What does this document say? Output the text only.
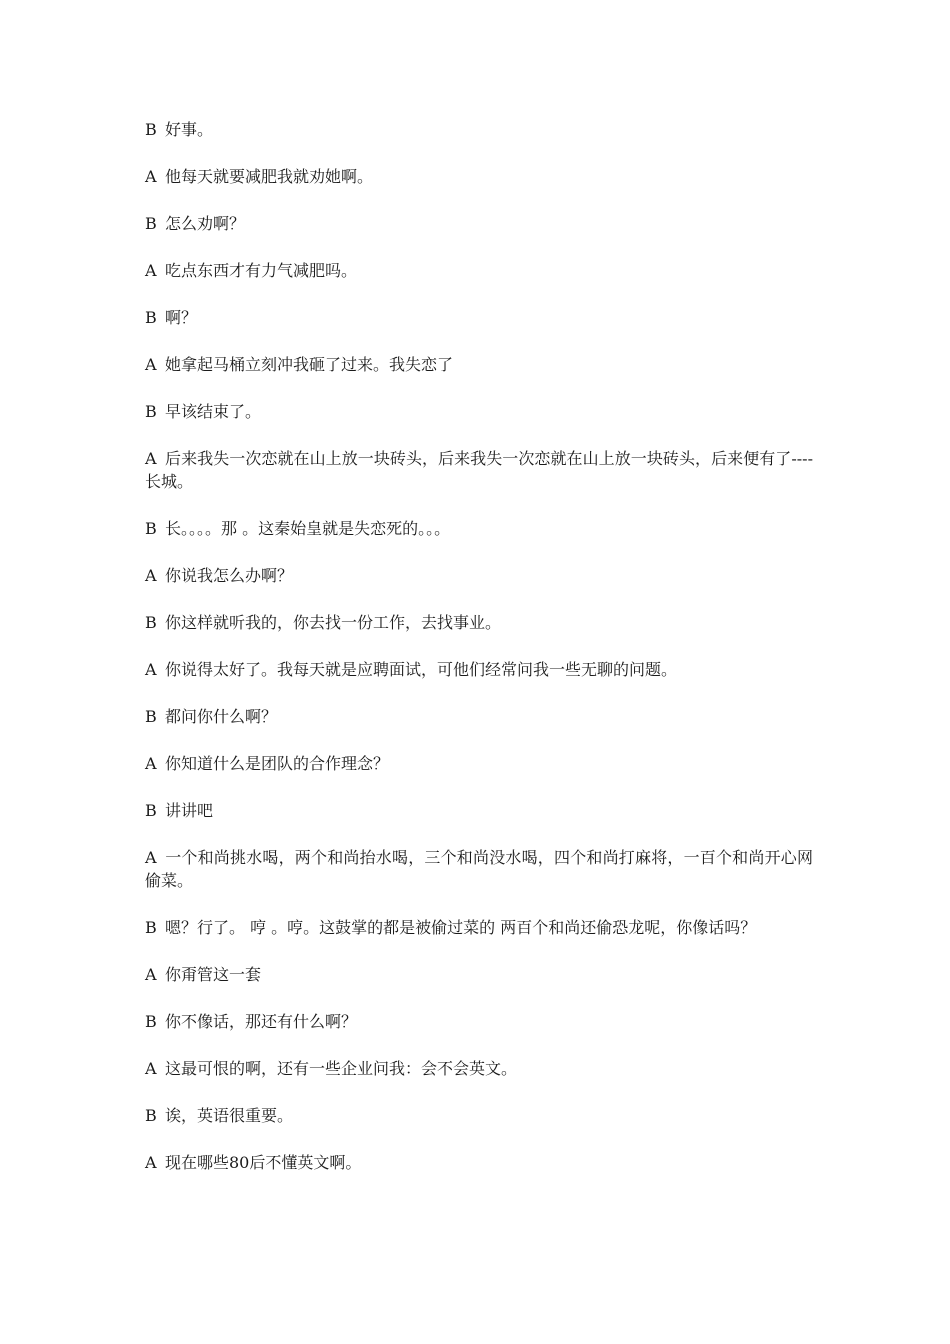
B 好事。
A 他每天就要减肥我就劝她啊。
B 怎么劝啊？
A 吃点东西才有力气减肥吗。
B 啊？
A 她拿起马桶立刻冲我砸了过来。我失恋了
B 早该结束了。
A 后来我失一次恋就在山上放一块砖头，后来我失一次恋就在山上放一块砖头，后来便有了----长城。
B 长。。。。那 。这秦始皇就是失恋死的。。。
A 你说我怎么办啊？
B 你这样就听我的，你去找一份工作，去找事业。
A 你说得太好了。我每天就是应聘面试，可他们经常问我一些无聊的问题。
B 都问你什么啊？
A 你知道什么是团队的合作理念？
B 讲讲吧
A 一个和尚挑水喝，两个和尚抬水喝，三个和尚没水喝，四个和尚打麻将，一百个和尚开心网偷菜。
B 嗯？行了。 哼 。哼。这鼓掌的都是被偷过菜的 两百个和尚还偷恐龙呢，你像话吗？
A 你甭管这一套
B 你不像话，那还有什么啊？
A 这最可恨的啊，还有一些企业问我：会不会英文。
B 诶，英语很重要。
A 现在哪些80后不懂英文啊。
